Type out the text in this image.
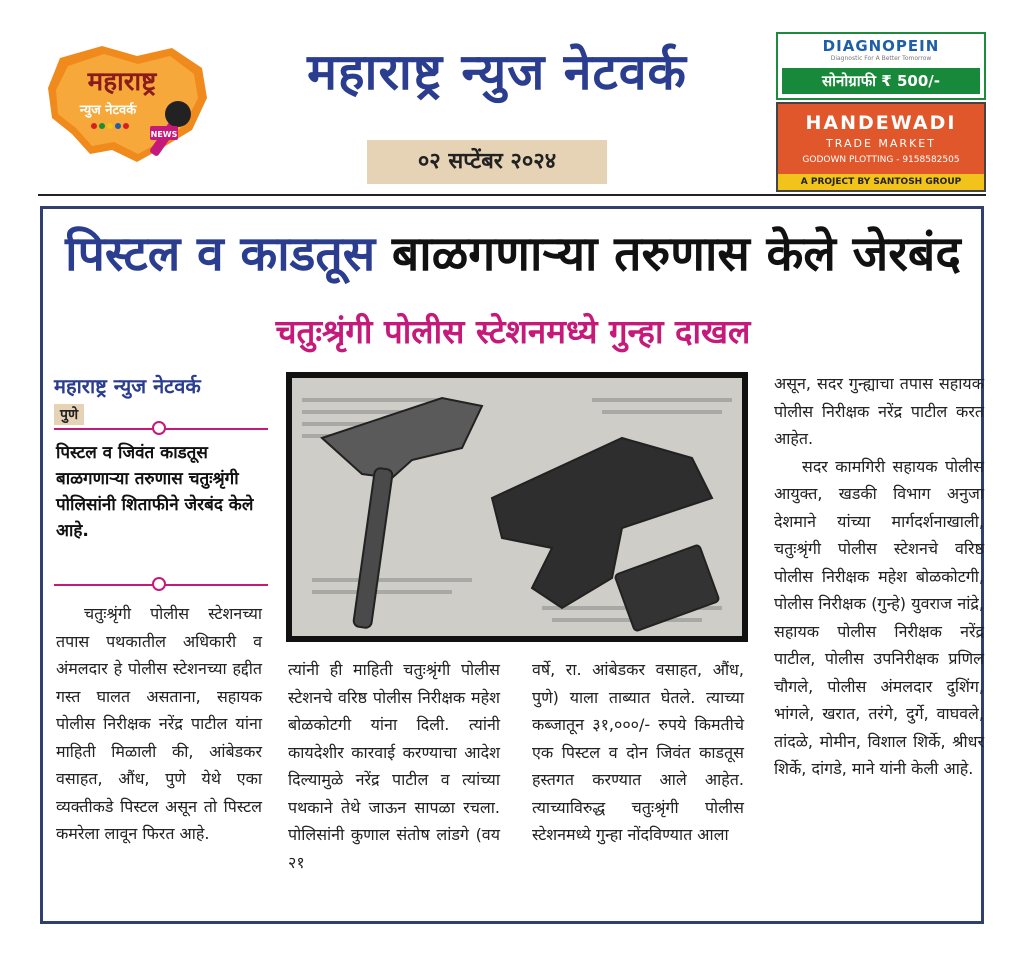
महाराष्ट्र
न्युज नेटवर्क
NEWS
महाराष्ट्र न्युज नेटवर्क
०२ सप्टेंबर २०२४
DIAGNOPEIN
Diagnostic For A Better Tomorrow
सोनोग्राफी ₹ 500/-
HANDEWADI
TRADE MARKET
GODOWN PLOTTING - 9158582505
A PROJECT BY SANTOSH GROUP
पिस्टल व काडतूस बाळगणाऱ्या तरुणास केले जेरबंद
चतुःश्रृंगी पोलीस स्टेशनमध्ये गुन्हा दाखल
महाराष्ट्र न्युज नेटवर्क
पुणे
पिस्टल व जिवंत काडतूस बाळगणाऱ्या तरुणास चतुःश्रृंगी पोलिसांनी शिताफीने जेरबंद केले आहे.

चतुःश्रृंगी पोलीस स्टेशनच्या तपास पथकातील अधिकारी व अंमलदार हे पोलीस स्टेशनच्या हद्दीत गस्त घालत असताना, सहायक पोलीस निरीक्षक नरेंद्र पाटील यांना माहिती मिळाली की, आंबेडकर वसाहत, औंध, पुणे येथे एका व्यक्तीकडे पिस्टल असून तो पिस्टल कमरेला लावून फिरत आहे.

त्यांनी ही माहिती चतुःश्रृंगी पोलीस स्टेशनचे वरिष्ठ पोलीस निरीक्षक महेश बोळकोटगी यांना दिली. त्यांनी कायदेशीर कारवाई करण्याचा आदेश दिल्यामुळे नरेंद्र पाटील व त्यांच्या पथकाने तेथे जाऊन सापळा रचला. पोलिसांनी कुणाल संतोष लांडगे (वय २१

वर्षे, रा. आंबेडकर वसाहत, औंध, पुणे) याला ताब्यात घेतले. त्याच्या कब्जातून ३१,०००/- रुपये किमतीचे एक पिस्टल व दोन जिवंत काडतूस हस्तगत करण्यात आले आहेत. त्याच्याविरुद्ध चतुःश्रृंगी पोलीस स्टेशनमध्ये गुन्हा नोंदविण्यात आला

असून, सदर गुन्ह्याचा तपास सहायक पोलीस निरीक्षक नरेंद्र पाटील करत आहेत.

सदर कामगिरी सहायक पोलीस आयुक्त, खडकी विभाग अनुजा देशमाने यांच्या मार्गदर्शनाखाली, चतुःश्रृंगी पोलीस स्टेशनचे वरिष्ठ पोलीस निरीक्षक महेश बोळकोटगी, पोलीस निरीक्षक (गुन्हे) युवराज नांद्रे, सहायक पोलीस निरीक्षक नरेंद्र पाटील, पोलीस उपनिरीक्षक प्रणिल चौगले, पोलीस अंमलदार दुशिंग, भांगले, खरात, तरंगे, दुर्गे, वाघवले, तांदळे, मोमीन, विशाल शिर्के, श्रीधर शिर्के, दांगडे, माने यांनी केली आहे.
